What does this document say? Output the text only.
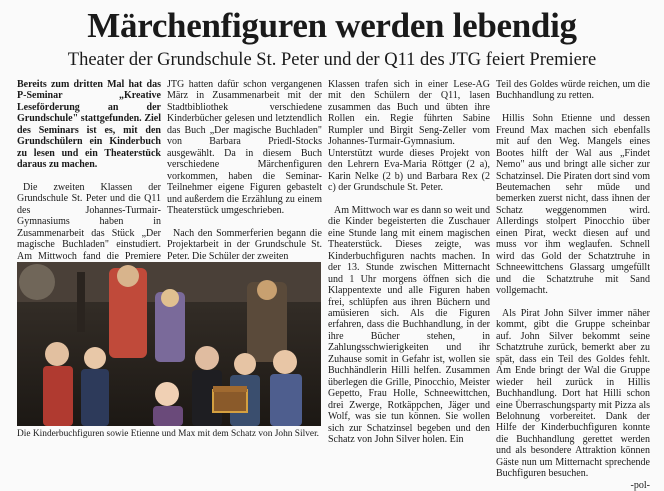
Märchenfiguren werden lebendig
Theater der Grundschule St. Peter und der Q11 des JTG feiert Premiere

Bereits zum dritten Mal hat das P-Seminar „Kreative Leseförderung an der Grundschule" stattgefunden. Ziel des Seminars ist es, mit den Grundschülern ein Kinderbuch zu lesen und ein Theaterstück daraus zu machen.

Die zweiten Klassen der Grundschule St. Peter und die Q11 des Johannes-Turmair-Gymnasiums haben in Zusammenarbeit das Stück „Der magische Buchladen" einstudiert. Am Mittwoch fand die Premiere

JTG hatten dafür schon vergangenen März in Zusammenarbeit mit der Stadtbibliothek verschiedene Kinderbücher gelesen und letztendlich das Buch „Der magische Buchladen" von Barbara Priedl-Stocks ausgewählt. Da in diesem Buch verschiedene Märchenfiguren vorkommen, haben die Seminar-Teilnehmer eigene Figuren gebastelt und außerdem die Erzählung zu einem Theaterstück umgeschrieben.

Nach den Sommerferien begann die Projektarbeit in der Grundschule St. Peter. Die Schüler der zweiten

Klassen trafen sich in einer Lese-AG mit den Schülern der Q11, lasen zusammen das Buch und übten ihre Rollen ein. Regie führten Sabine Rumpler und Birgit Seng-Zeller vom Johannes-Turmair-Gymnasium. Unterstützt wurde dieses Projekt von den Lehrern Eva-Maria Röttger (2 a), Karin Nelke (2 b) und Barbara Rex (2 c) der Grundschule St. Peter.

Am Mittwoch war es dann so weit und die Kinder begeisterten die Zuschauer eine Stunde lang mit einem magischen Theaterstück. Dieses zeigte, was Kinderbuchfiguren nachts machen. In der 13. Stunde zwischen Mitternacht und 1 Uhr morgens öffnen sich die Klappentexte und alle Figuren haben frei, schlüpfen aus ihren Büchern und amüsieren sich. Als die Figuren erfahren, dass die Buchhandlung, in der ihre Bücher stehen, in Zahlungsschwierigkeiten und ihr Zuhause somit in Gefahr ist, wollen sie Buchhändlerin Hilli helfen. Zusammen überlegen die Grille, Pinocchio, Meister Gepetto, Frau Holle, Schneewittchen, drei Zwerge, Rotkäppchen, Jäger und Wolf, was sie tun können. Sie wollen sich zur Schatzinsel begeben und den Schatz von John Silver holen. Ein

Teil des Goldes würde reichen, um die Buchhandlung zu retten.

Hillis Sohn Etienne und dessen Freund Max machen sich ebenfalls mit auf den Weg. Mangels eines Bootes hilft der Wal aus „Findet Nemo" aus und bringt alle sicher zur Schatzinsel. Die Piraten dort sind vom Beutemachen sehr müde und bemerken zuerst nicht, dass ihnen der Schatz weggenommen wird. Allerdings stolpert Pinocchio über einen Pirat, weckt diesen auf und muss vor ihm weglaufen. Schnell wird das Gold der Schatztruhe in Schneewittchens Glassarg umgefüllt und die Schatztruhe mit Sand vollgemacht.

Als Pirat John Silver immer näher kommt, gibt die Gruppe scheinbar auf. John Silver bekommt seine Schatztruhe zurück, bemerkt aber zu spät, dass ein Teil des Goldes fehlt. Am Ende bringt der Wal die Gruppe wieder heil zurück in Hillis Buchhandlung. Dort hat Hilli schon eine Überraschungsparty mit Pizza als Belohnung vorbereitet. Dank der Hilfe der Kinderbuchfiguren konnte die Buchhandlung gerettet werden und als besondere Attraktion können Gäste nun um Mitternacht sprechende Buchfiguren besuchen.
-pol-

Die Kinderbuchfiguren sowie Etienne und Max mit dem Schatz von John Silver.
